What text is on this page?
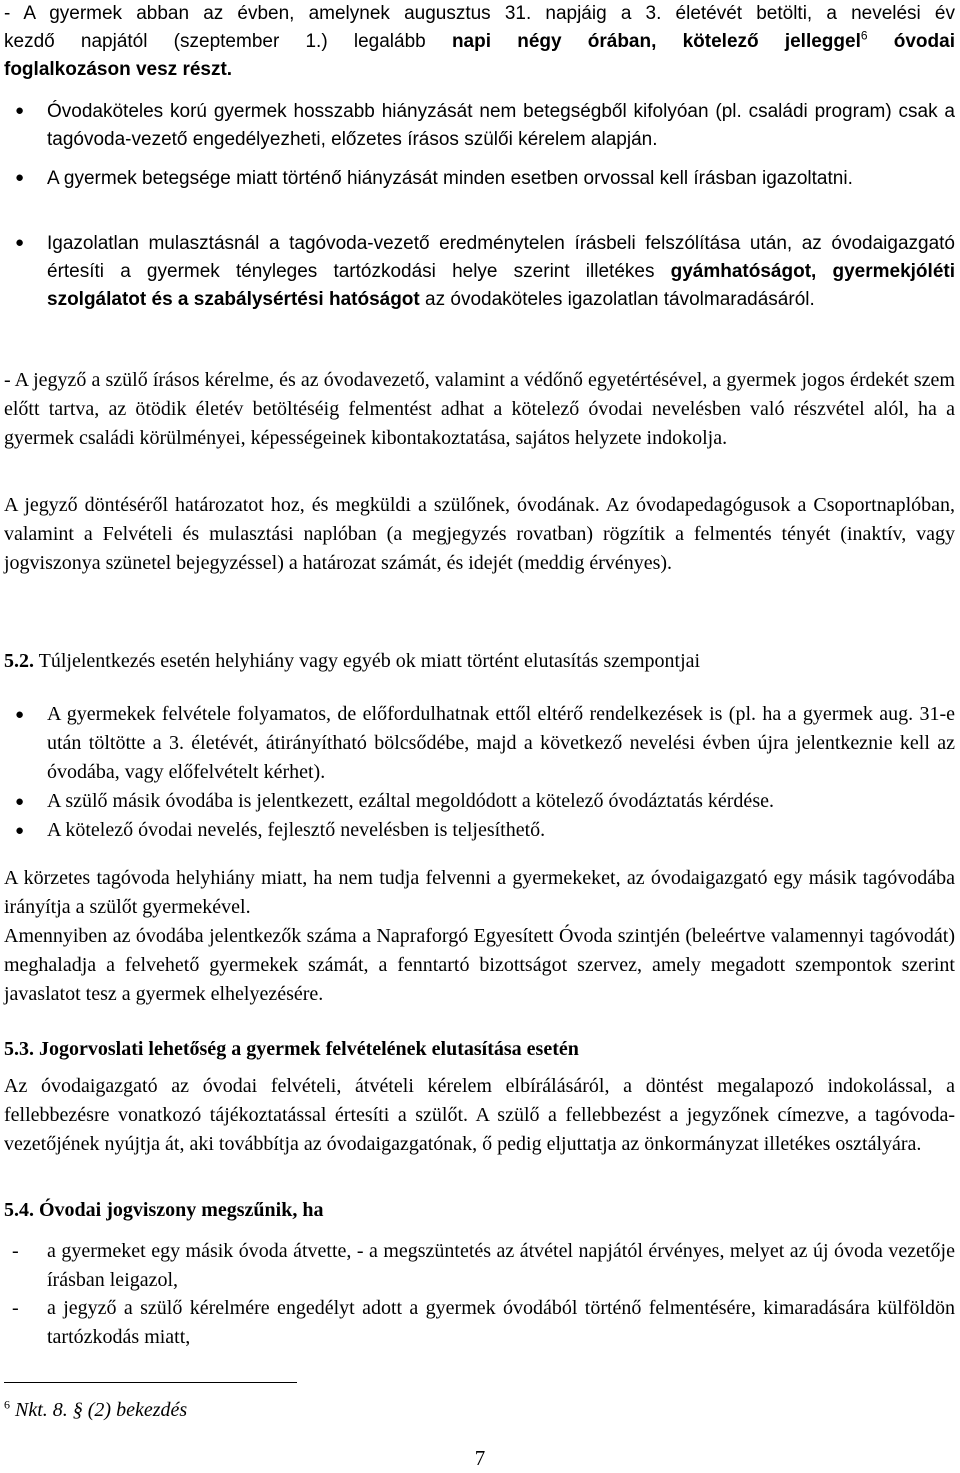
- A gyermek abban az évben, amelynek augusztus 31. napjáig a 3. életévét betölti, a nevelési év

kezdő napjától (szeptember 1.) legalább napi négy órában, kötelező jelleggel$^6$ óvodai

foglalkozáson vesz részt.

● Óvodaköteles korú gyermek hosszabb hiányzását nem betegségből kifolyóan (pl. családi program) csak a tagóvoda-vezető engedélyezheti, előzetes írásos szülői kérelem alapján.

● A gyermek betegsége miatt történő hiányzását minden esetben orvossal kell írásban igazoltatni.

● Igazolatlan mulasztásnál a tagóvoda-vezető eredménytelen írásbeli felszólítása után, az óvodaigazgató értesíti a gyermek tényleges tartózkodási helye szerint illetékes gyámhatóságot, gyermekjóléti szolgálatot és a szabálysértési hatóságot az óvodaköteles igazolatlan távolmaradásáról.

- A jegyző a szülő írásos kérelme, és az óvodavezető, valamint a védőnő egyetértésével, a gyermek jogos érdekét szem előtt tartva, az ötödik életév betöltéséig felmentést adhat a kötelező óvodai nevelésben való részvétel alól, ha a gyermek családi körülményei, képességeinek kibontakoztatása, sajátos helyzete indokolja.

A jegyző döntéséről határozatot hoz, és megküldi a szülőnek, óvodának. Az óvodapedagógusok a Csoportnaplóban, valamint a Felvételi és mulasztási naplóban (a megjegyzés rovatban) rögzítik a felmentés tényét (inaktív, vagy jogviszonya szünetel bejegyzéssel) a határozat számát, és idejét (meddig érvényes).

5.2. Túljelentkezés esetén helyhiány vagy egyéb ok miatt történt elutasítás szempontjai

● A gyermekek felvétele folyamatos, de előfordulhatnak ettől eltérő rendelkezések is (pl. ha a gyermek aug. 31-e után töltötte a 3. életévét, átirányítható bölcsődébe, majd a következő nevelési évben újra jelentkeznie kell az óvodába, vagy előfelvételt kérhet).

● A szülő másik óvodába is jelentkezett, ezáltal megoldódott a kötelező óvodáztatás kérdése.

● A kötelező óvodai nevelés, fejlesztő nevelésben is teljesíthető.

A körzetes tagóvoda helyhiány miatt, ha nem tudja felvenni a gyermekeket, az óvodaigazgató egy másik tagóvodába irányítja a szülőt gyermekével.

Amennyiben az óvodába jelentkezők száma a Napraforgó Egyesített Óvoda szintjén (beleértve valamennyi tagóvodát) meghaladja a felvehető gyermekek számát, a fenntartó bizottságot szervez, amely megadott szempontok szerint javaslatot tesz a gyermek elhelyezésére.

5.3. Jogorvoslati lehetőség a gyermek felvételének elutasítása esetén

Az óvodaigazgató az óvodai felvételi, átvételi kérelem elbírálásáról, a döntést megalapozó indokolással, a fellebbezésre vonatkozó tájékoztatással értesíti a szülőt. A szülő a fellebbezést a jegyzőnek címezve, a tagóvoda-vezetőjének nyújtja át, aki továbbítja az óvodaigazgatónak, ő pedig eljuttatja az önkormányzat illetékes osztályára.

5.4. Óvodai jogviszony megszűnik, ha

- a gyermeket egy másik óvoda átvette, - a megszüntetés az átvétel napjától érvényes, melyet az új óvoda vezetője írásban leigazol,

- a jegyző a szülő kérelmére engedélyt adott a gyermek óvodából történő felmentésére, kimaradására külföldön tartózkodás miatt,

$^6$ Nkt. 8. § (2) bekezdés
7
